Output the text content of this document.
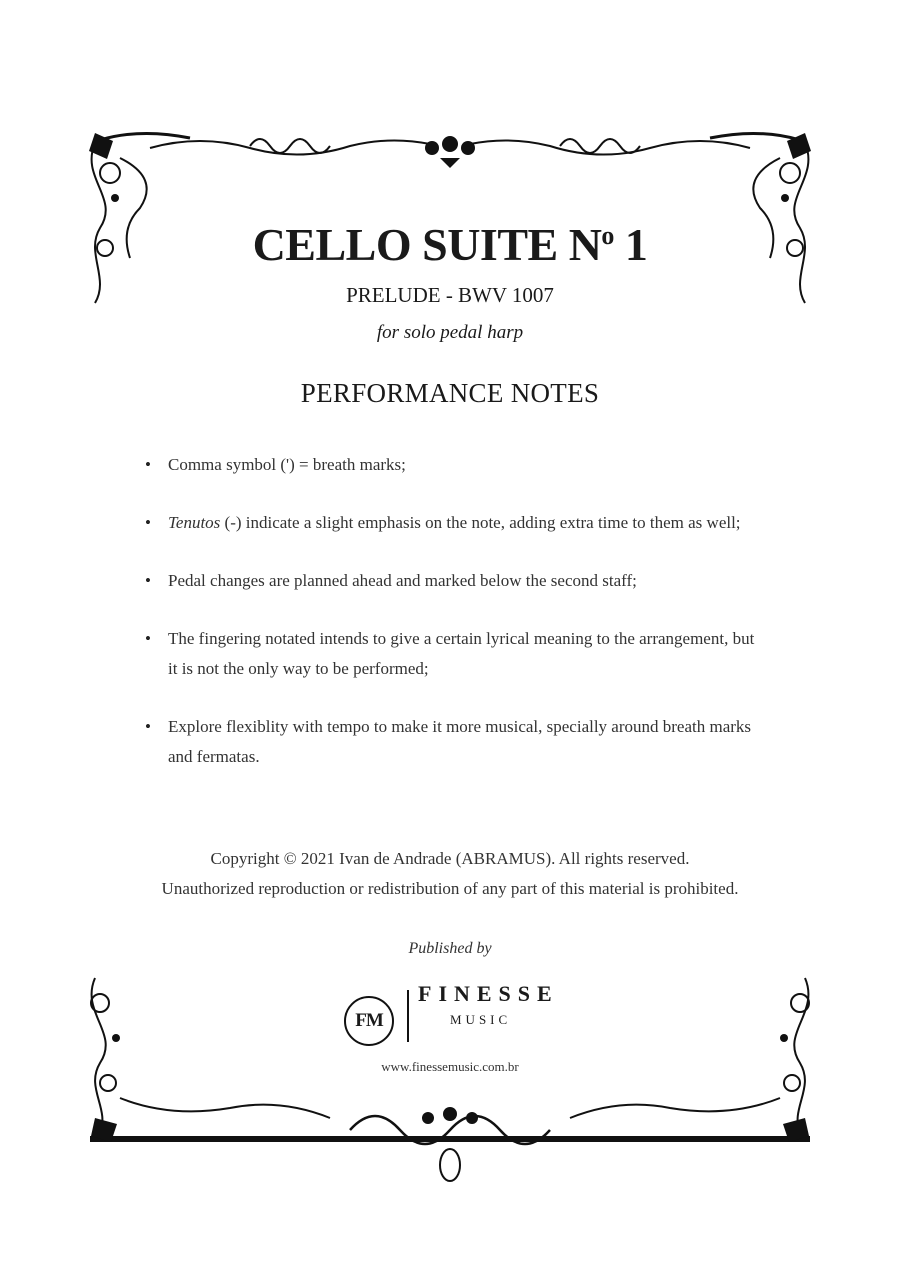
CELLO SUITE $N^o$ 1
PRELUDE - BWV 1007
for solo pedal harp
PERFORMANCE NOTES
• Comma symbol (') = breath marks;
• Tenutos (-) indicate a slight emphasis on the note, adding extra time to them as well;
• Pedal changes are planned ahead and marked below the second staff;
• The fingering notated intends to give a certain lyrical meaning to the arrangement, but it is not the only way to be performed;
• Explore flexiblity with tempo to make it more musical, specially around breath marks and fermatas.
Copyright © 2021 Ivan de Andrade (ABRAMUS). All rights reserved.
Unauthorized reproduction or redistribution of any part of this material is prohibited.
Published by
FM
FINESSE
MUSIC
www.finessemusic.com.br
